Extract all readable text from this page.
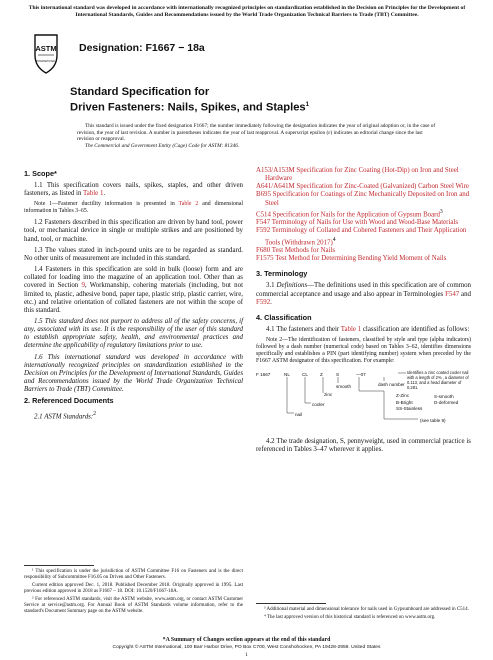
This international standard was developed in accordance with internationally recognized principles on standardization established in the Decision on Principles for the Development of International Standards, Guides and Recommendations issued by the World Trade Organization Technical Barriers to Trade (TBT) Committee.
ASTM
INTERNATIONAL
Designation: F1667 − 18a
Standard Specification for
Driven Fasteners: Nails, Spikes, and Staples$^1$
This standard is issued under the fixed designation F1667; the number immediately following the designation indicates the year of original adoption or, in the case of revision, the year of last revision. A number in parentheses indicates the year of last reapproval. A superscript epsilon (ε) indicates an editorial change since the last revision or reapproval.
The Commercial and Government Entity (Cage) Code for ASTM: 81346.
1. Scope*

1.1 This specification covers nails, spikes, staples, and other driven fasteners, as listed in Table 1.

Note 1—Fastener ductility information is presented in Table 2 and dimensional information in Tables 3–65.

1.2 Fasteners described in this specification are driven by hand tool, power tool, or mechanical device in single or multiple strikes and are positioned by hand, tool, or machine.

1.3 The values stated in inch-pound units are to be regarded as standard. No other units of measurement are included in this standard.

1.4 Fasteners in this specification are sold in bulk (loose) form and are collated for loading into the magazine of an application tool. Other than as covered in Section 9, Workmanship, cohering materials (including, but not limited to, plastic, adhesive bond, paper tape, plastic strip, plastic carrier, wire, etc.) and relative orientation of collated fasteners are not within the scope of this standard.

1.5 This standard does not purport to address all of the safety concerns, if any, associated with its use. It is the responsibility of the user of this standard to establish appropriate safety, health, and environmental practices and determine the applicability of regulatory limitations prior to use.

1.6 This international standard was developed in accordance with internationally recognized principles on standardization established in the Decision on Principles for the Development of International Standards, Guides and Recommendations issued by the World Trade Organization Technical Barriers to Trade (TBT) Committee.

2. Referenced Documents

2.1 ASTM Standards:$^2$

¹ This specification is under the jurisdiction of ASTM Committee F16 on Fasteners and is the direct responsibility of Subcommittee F16.05 on Driven and Other Fasteners.
Current edition approved Dec. 1, 2018. Published December 2018. Originally approved in 1995. Last previous edition approved in 2018 as F1667 – 18. DOI: 10.1520/F1667-18A.
² For referenced ASTM standards, visit the ASTM website, www.astm.org, or contact ASTM Customer Service at service@astm.org. For Annual Book of ASTM Standards volume information, refer to the standard's Document Summary page on the ASTM website.
A153/A153M Specification for Zinc Coating (Hot-Dip) on Iron and Steel Hardware
A641/A641M Specification for Zinc-Coated (Galvanized) Carbon Steel Wire
B695 Specification for Coatings of Zinc Mechanically Deposited on Iron and Steel
C514 Specification for Nails for the Application of Gypsum Board$^3$
F547 Terminology of Nails for Use with Wood and Wood-Base Materials
F592 Terminology of Collated and Cohered Fasteners and Their Application Tools (Withdrawn 2017)$^4$
F680 Test Methods for Nails
F1575 Test Method for Determining Bending Yield Moment of Nails
3. Terminology

3.1 Definitions—The definitions used in this specification are of common commercial acceptance and usage and also appear in Terminologies F547 and F592.

4. Classification

4.1 The fasteners and their Table 1 classification are identified as follows:

Note 2—The identification of fasteners, classified by style and type (alpha indicators) followed by a dash number (numerical code) based on Tables 3–62, identifies dimensions specifically and establishes a PIN (part identifying number) system when preceded by the F1667 ASTM designator of this specification. For example:
F 1667	NL	CL	Z	S	—07
nail
cooler
zinc
smooth	dash number
Identifies a zinc coated cooler nail with a length of 2⅜ , a diameter of 0.113, and a head diameter of 0.281.
Z-Zinc
B-Bright
SS-Stainless
S-smooth
D-deformed
(see table 9)

4.2 The trade designation, S, pennyweight, used in commercial practice is referenced in Tables 3–47 wherever it applies.

³ Additional material and dimensional tolerance for nails used in Gypsumboard are addressed in C514.
⁴ The last approved version of this historical standard is referenced on www.astm.org.
*A Summary of Changes section appears at the end of this standard
Copyright © ASTM International, 100 Barr Harbor Drive, PO Box C700, West Conshohocken, PA 19428-2959. United States
1
